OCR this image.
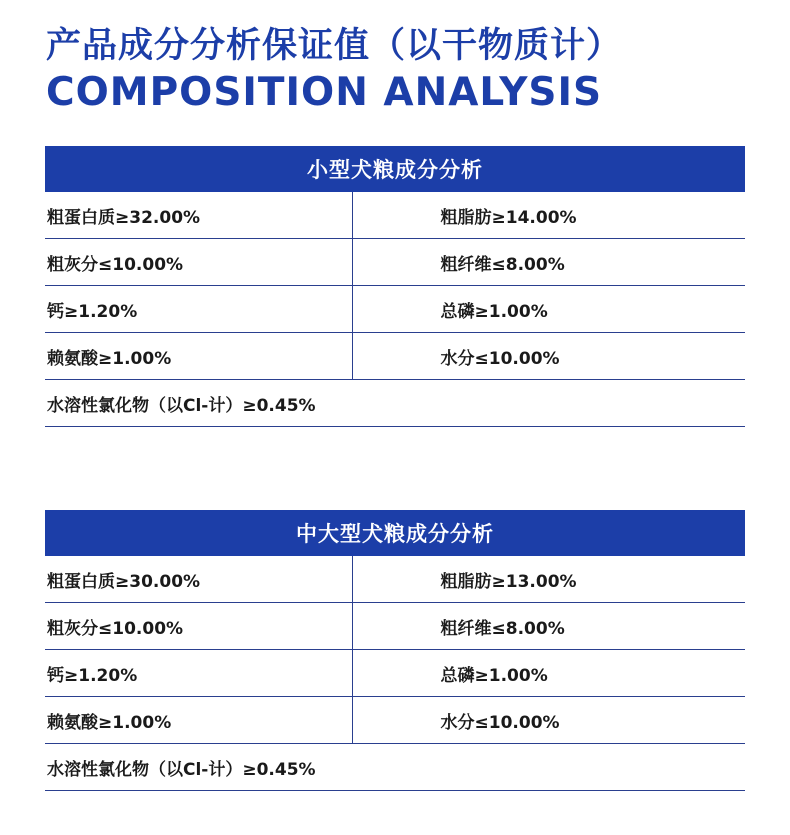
产品成分分析保证值（以干物质计）
COMPOSITION ANALYSIS
小型犬粮成分分析
粗蛋白质≥32.00%	粗脂肪≥14.00%
粗灰分≤10.00%	粗纤维≤8.00%
钙≥1.20%	总磷≥1.00%
赖氨酸≥1.00%	水分≤10.00%
水溶性氯化物（以Cl-计）≥0.45%
中大型犬粮成分分析
粗蛋白质≥30.00%	粗脂肪≥13.00%
粗灰分≤10.00%	粗纤维≤8.00%
钙≥1.20%	总磷≥1.00%
赖氨酸≥1.00%	水分≤10.00%
水溶性氯化物（以Cl-计）≥0.45%
